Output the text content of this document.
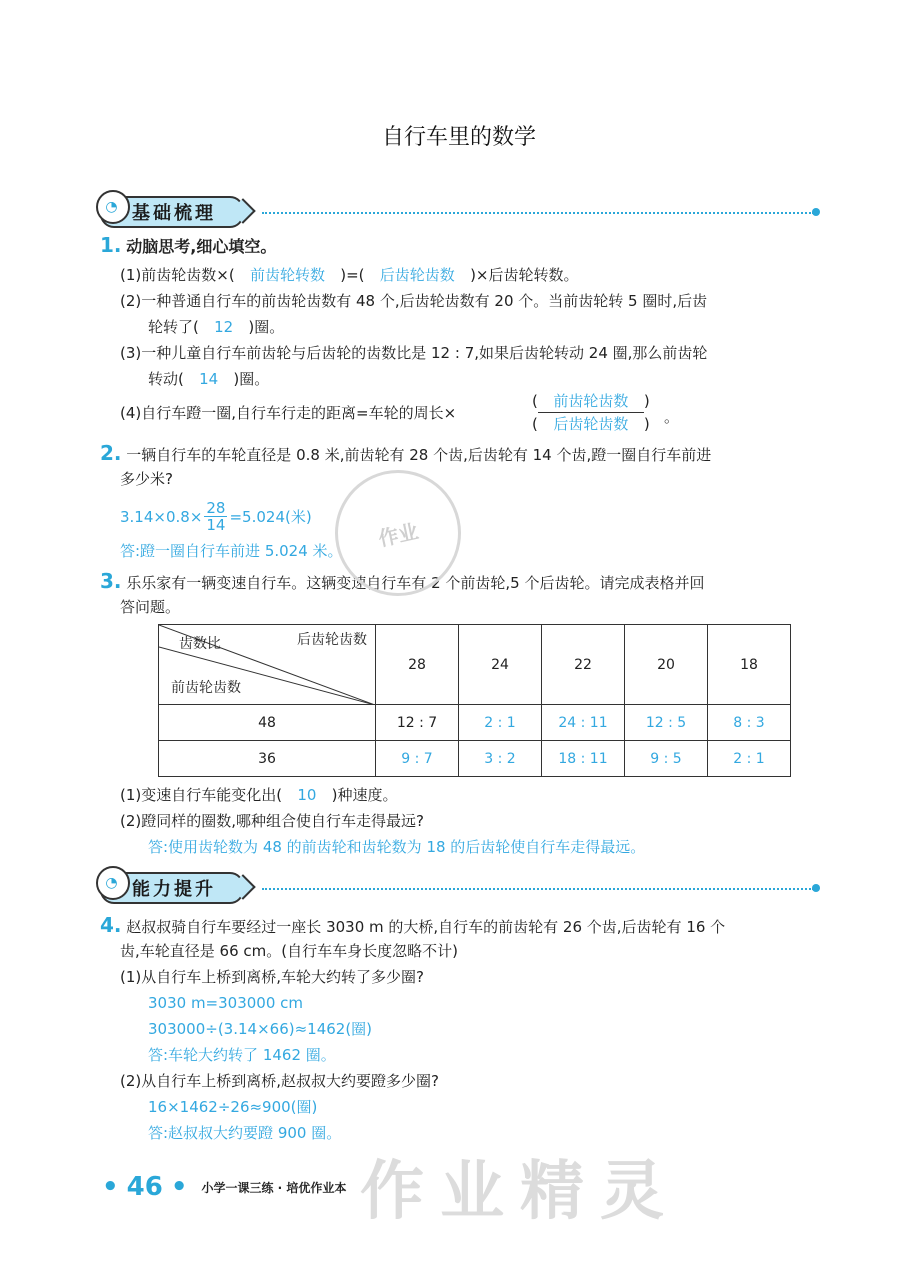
自行车里的数学
◔ 基础梳理
1. 动脑思考,细心填空。
(1)前齿轮齿数×( 前齿轮转数 )=( 后齿轮齿数 )×后齿轮转数。
(2)一种普通自行车的前齿轮齿数有 48 个,后齿轮齿数有 20 个。当前齿轮转 5 圈时,后齿
轮转了( 12 )圈。
(3)一种儿童自行车前齿轮与后齿轮的齿数比是 12 : 7,如果后齿轮转动 24 圈,那么前齿轮
转动( 14 )圈。
(4)自行车蹬一圈,自行车行走的距离=车轮的周长×
( 前齿轮齿数 )
( 后齿轮齿数 ) 。
2. 一辆自行车的车轮直径是 0.8 米,前齿轮有 28 个齿,后齿轮有 14 个齿,蹬一圈自行车前进
多少米?
$3.14\times 0.8\times \frac{28}{14} =5.024$(米)
答:蹬一圈自行车前进 5.024 米。
3. 乐乐家有一辆变速自行车。这辆变速自行车有 2 个前齿轮,5 个后齿轮。请完成表格并回
答问题。
齿数比 后齿轮齿数
前齿轮齿数	28	24	22	20	18
48	12 : 7	2 : 1	24 : 11	12 : 5	8 : 3
36	9 : 7	3 : 2	18 : 11	9 : 5	2 : 1
(1)变速自行车能变化出( 10 )种速度。
(2)蹬同样的圈数,哪种组合使自行车走得最远?
答:使用齿轮数为 48 的前齿轮和齿轮数为 18 的后齿轮使自行车走得最远。
◔ 能力提升
4. 赵叔叔骑自行车要经过一座长 3030 m 的大桥,自行车的前齿轮有 26 个齿,后齿轮有 16 个
齿,车轮直径是 66 cm。(自行车车身长度忽略不计)
(1)从自行车上桥到离桥,车轮大约转了多少圈?
3030 m=303000 cm
303000÷(3.14×66)≈1462(圈)
答:车轮大约转了 1462 圈。
(2)从自行车上桥到离桥,赵叔叔大约要蹬多少圈?
16×1462÷26≈900(圈)
答:赵叔叔大约要蹬 900 圈。
作业精灵
作业
• 46 • 小学一课三练 · 培优作业本
